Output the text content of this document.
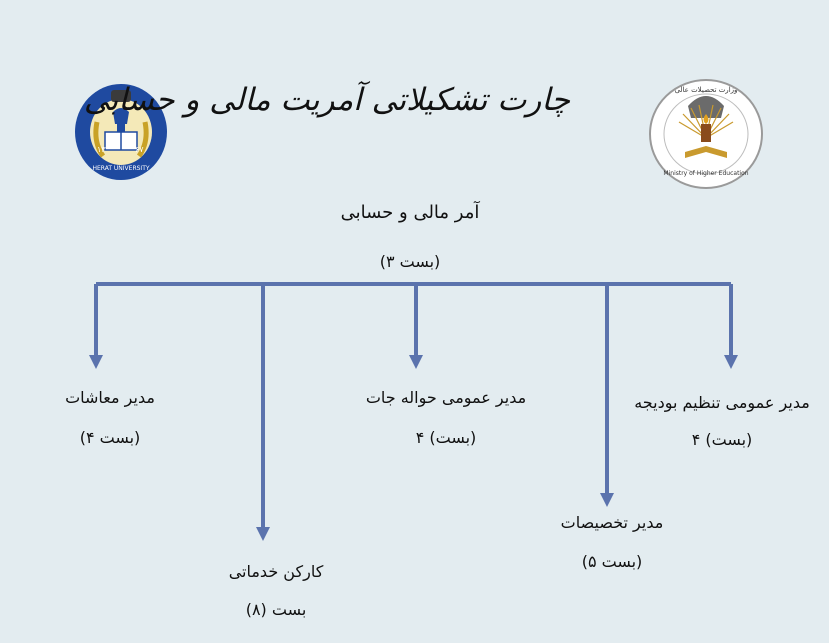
۱۳	۶۷
HERAT UNIVERSITY
وزارت تحصیلات عالی
Ministry of Higher Education
چارت تشکیلاتی آمریت مالی و حسابی
آمر مالی و حسابی
(بست ۳)
مدیر معاشات
(بست ۴)
کارکن خدماتی
بست (۸)
مدیر عمومی حواله جات
(بست) ۴
مدیر تخصیصات
(بست ۵)
مدیر عمومی تنظیم بودیجه
(بست) ۴
